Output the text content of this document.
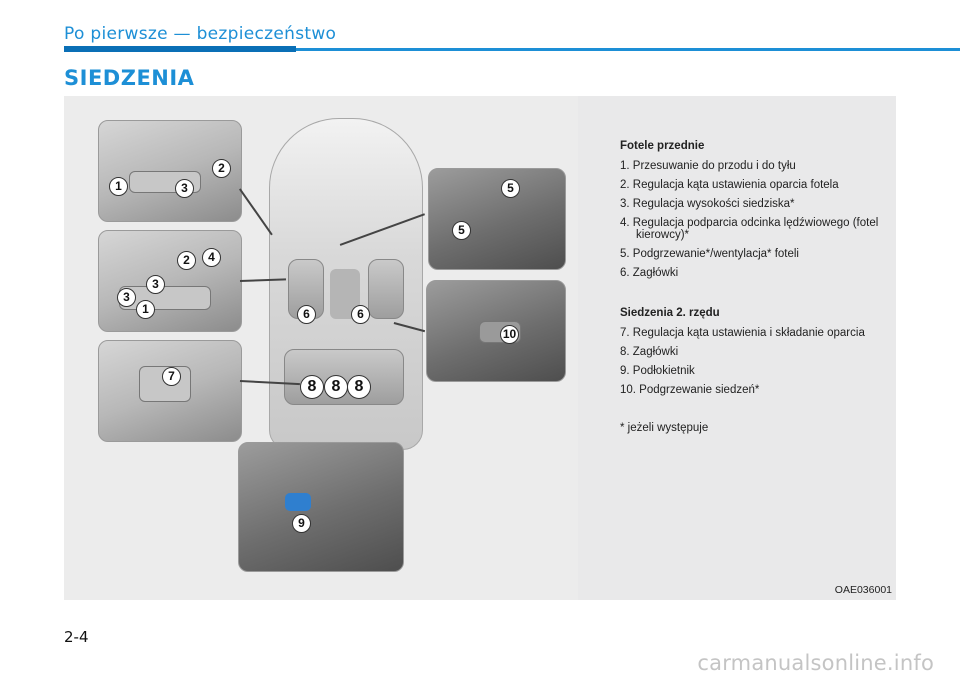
Po pierwsze — bezpieczeństwo
SIEDZENIA
1
2
3
1
2
3
3
4
7
5
5
10
9
6	6
8 8 8
Fotele przednie
1. Przesuwanie do przodu i do tyłu
2. Regulacja kąta ustawienia oparcia fotela
3. Regulacja wysokości siedziska*
4. Regulacja podparcia odcinka lędźwiowego (fotel kierowcy)*
5. Podgrzewanie*/wentylacja* foteli
6. Zagłówki
Siedzenia 2. rzędu
7. Regulacja kąta ustawienia i składanie oparcia
8. Zagłówki
9. Podłokietnik
10. Podgrzewanie siedzeń*
* jeżeli występuje
OAE036001
2-4
carmanualsonline.info
